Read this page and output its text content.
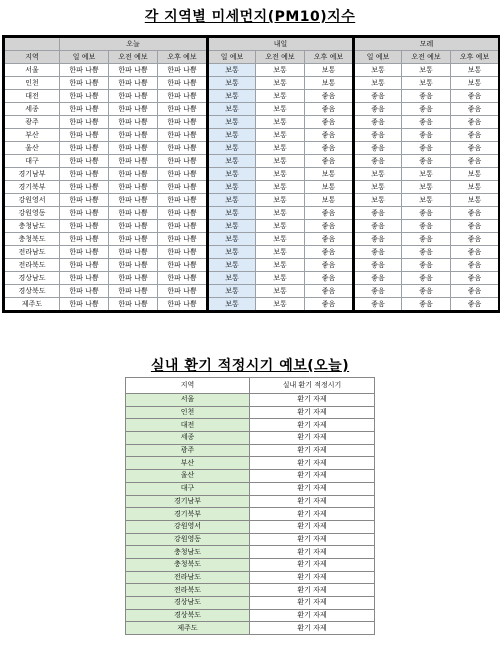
각 지역별 미세먼지(PM10)지수
	오늘			내일			모레		
지역	일 예보	오전 예보	오후 예보	일 예보	오전 예보	오후 예보	일 예보	오전 예보	오후 예보
서울	한파 나쁨	한파 나쁨	한파 나쁨	보통	보통	보통	보통	보통	보통
인천	한파 나쁨	한파 나쁨	한파 나쁨	보통	보통	보통	보통	보통	보통
대전	한파 나쁨	한파 나쁨	한파 나쁨	보통	보통	좋음	좋음	좋음	좋음
세종	한파 나쁨	한파 나쁨	한파 나쁨	보통	보통	좋음	좋음	좋음	좋음
광주	한파 나쁨	한파 나쁨	한파 나쁨	보통	보통	좋음	좋음	좋음	좋음
부산	한파 나쁨	한파 나쁨	한파 나쁨	보통	보통	좋음	좋음	좋음	좋음
울산	한파 나쁨	한파 나쁨	한파 나쁨	보통	보통	좋음	좋음	좋음	좋음
대구	한파 나쁨	한파 나쁨	한파 나쁨	보통	보통	좋음	좋음	좋음	좋음
경기남부	한파 나쁨	한파 나쁨	한파 나쁨	보통	보통	보통	보통	보통	보통
경기북부	한파 나쁨	한파 나쁨	한파 나쁨	보통	보통	보통	보통	보통	보통
강원영서	한파 나쁨	한파 나쁨	한파 나쁨	보통	보통	보통	보통	보통	보통
강원영동	한파 나쁨	한파 나쁨	한파 나쁨	보통	보통	좋음	좋음	좋음	좋음
충청남도	한파 나쁨	한파 나쁨	한파 나쁨	보통	보통	좋음	좋음	좋음	좋음
충청북도	한파 나쁨	한파 나쁨	한파 나쁨	보통	보통	좋음	좋음	좋음	좋음
전라남도	한파 나쁨	한파 나쁨	한파 나쁨	보통	보통	좋음	좋음	좋음	좋음
전라북도	한파 나쁨	한파 나쁨	한파 나쁨	보통	보통	좋음	좋음	좋음	좋음
경상남도	한파 나쁨	한파 나쁨	한파 나쁨	보통	보통	좋음	좋음	좋음	좋음
경상북도	한파 나쁨	한파 나쁨	한파 나쁨	보통	보통	좋음	좋음	좋음	좋음
제주도	한파 나쁨	한파 나쁨	한파 나쁨	보통	보통	좋음	좋음	좋음	좋음
실내 환기 적정시기 예보(오늘)
지역	실내 환기 적정시기
서울	환기 자제
인천	환기 자제
대전	환기 자제
세종	환기 자제
광주	환기 자제
부산	환기 자제
울산	환기 자제
대구	환기 자제
경기남부	환기 자제
경기북부	환기 자제
강원영서	환기 자제
강원영동	환기 자제
충청남도	환기 자제
충청북도	환기 자제
전라남도	환기 자제
전라북도	환기 자제
경상남도	환기 자제
경상북도	환기 자제
제주도	환기 자제
